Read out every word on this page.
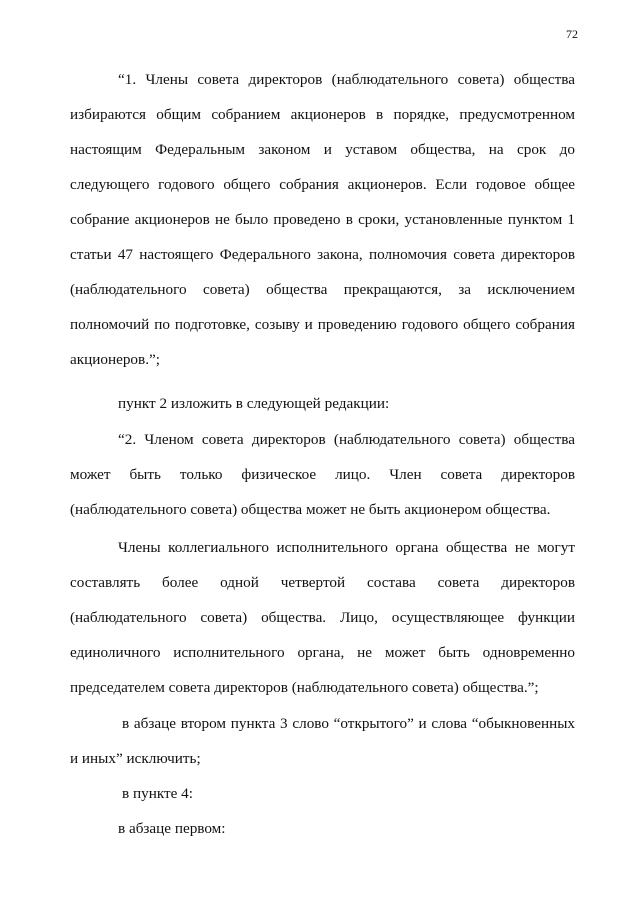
72
“1. Члены совета директоров (наблюдательного совета) общества избираются общим собранием акционеров в порядке, предусмотренном настоящим Федеральным законом и уставом общества, на срок до следующего годового общего собрания акционеров. Если годовое общее собрание акционеров не было проведено в сроки, установленные пунктом 1 статьи 47 настоящего Федерального закона, полномочия совета директоров (наблюдательного совета) общества прекращаются, за исключением полномочий по подготовке, созыву и проведению годового общего собрания акционеров.”;
пункт 2 изложить в следующей редакции:
“2. Членом совета директоров (наблюдательного совета) общества может быть только физическое лицо. Член совета директоров (наблюдательного совета) общества может не быть акционером общества.
Члены коллегиального исполнительного органа общества не могут составлять более одной четвертой состава совета директоров (наблюдательного совета) общества. Лицо, осуществляющее функции единоличного исполнительного органа, не может быть одновременно председателем совета директоров (наблюдательного совета) общества.”;
в абзаце втором пункта 3 слово “открытого” и слова “обыкновенных и иных” исключить;
в пункте 4:
в абзаце первом:
